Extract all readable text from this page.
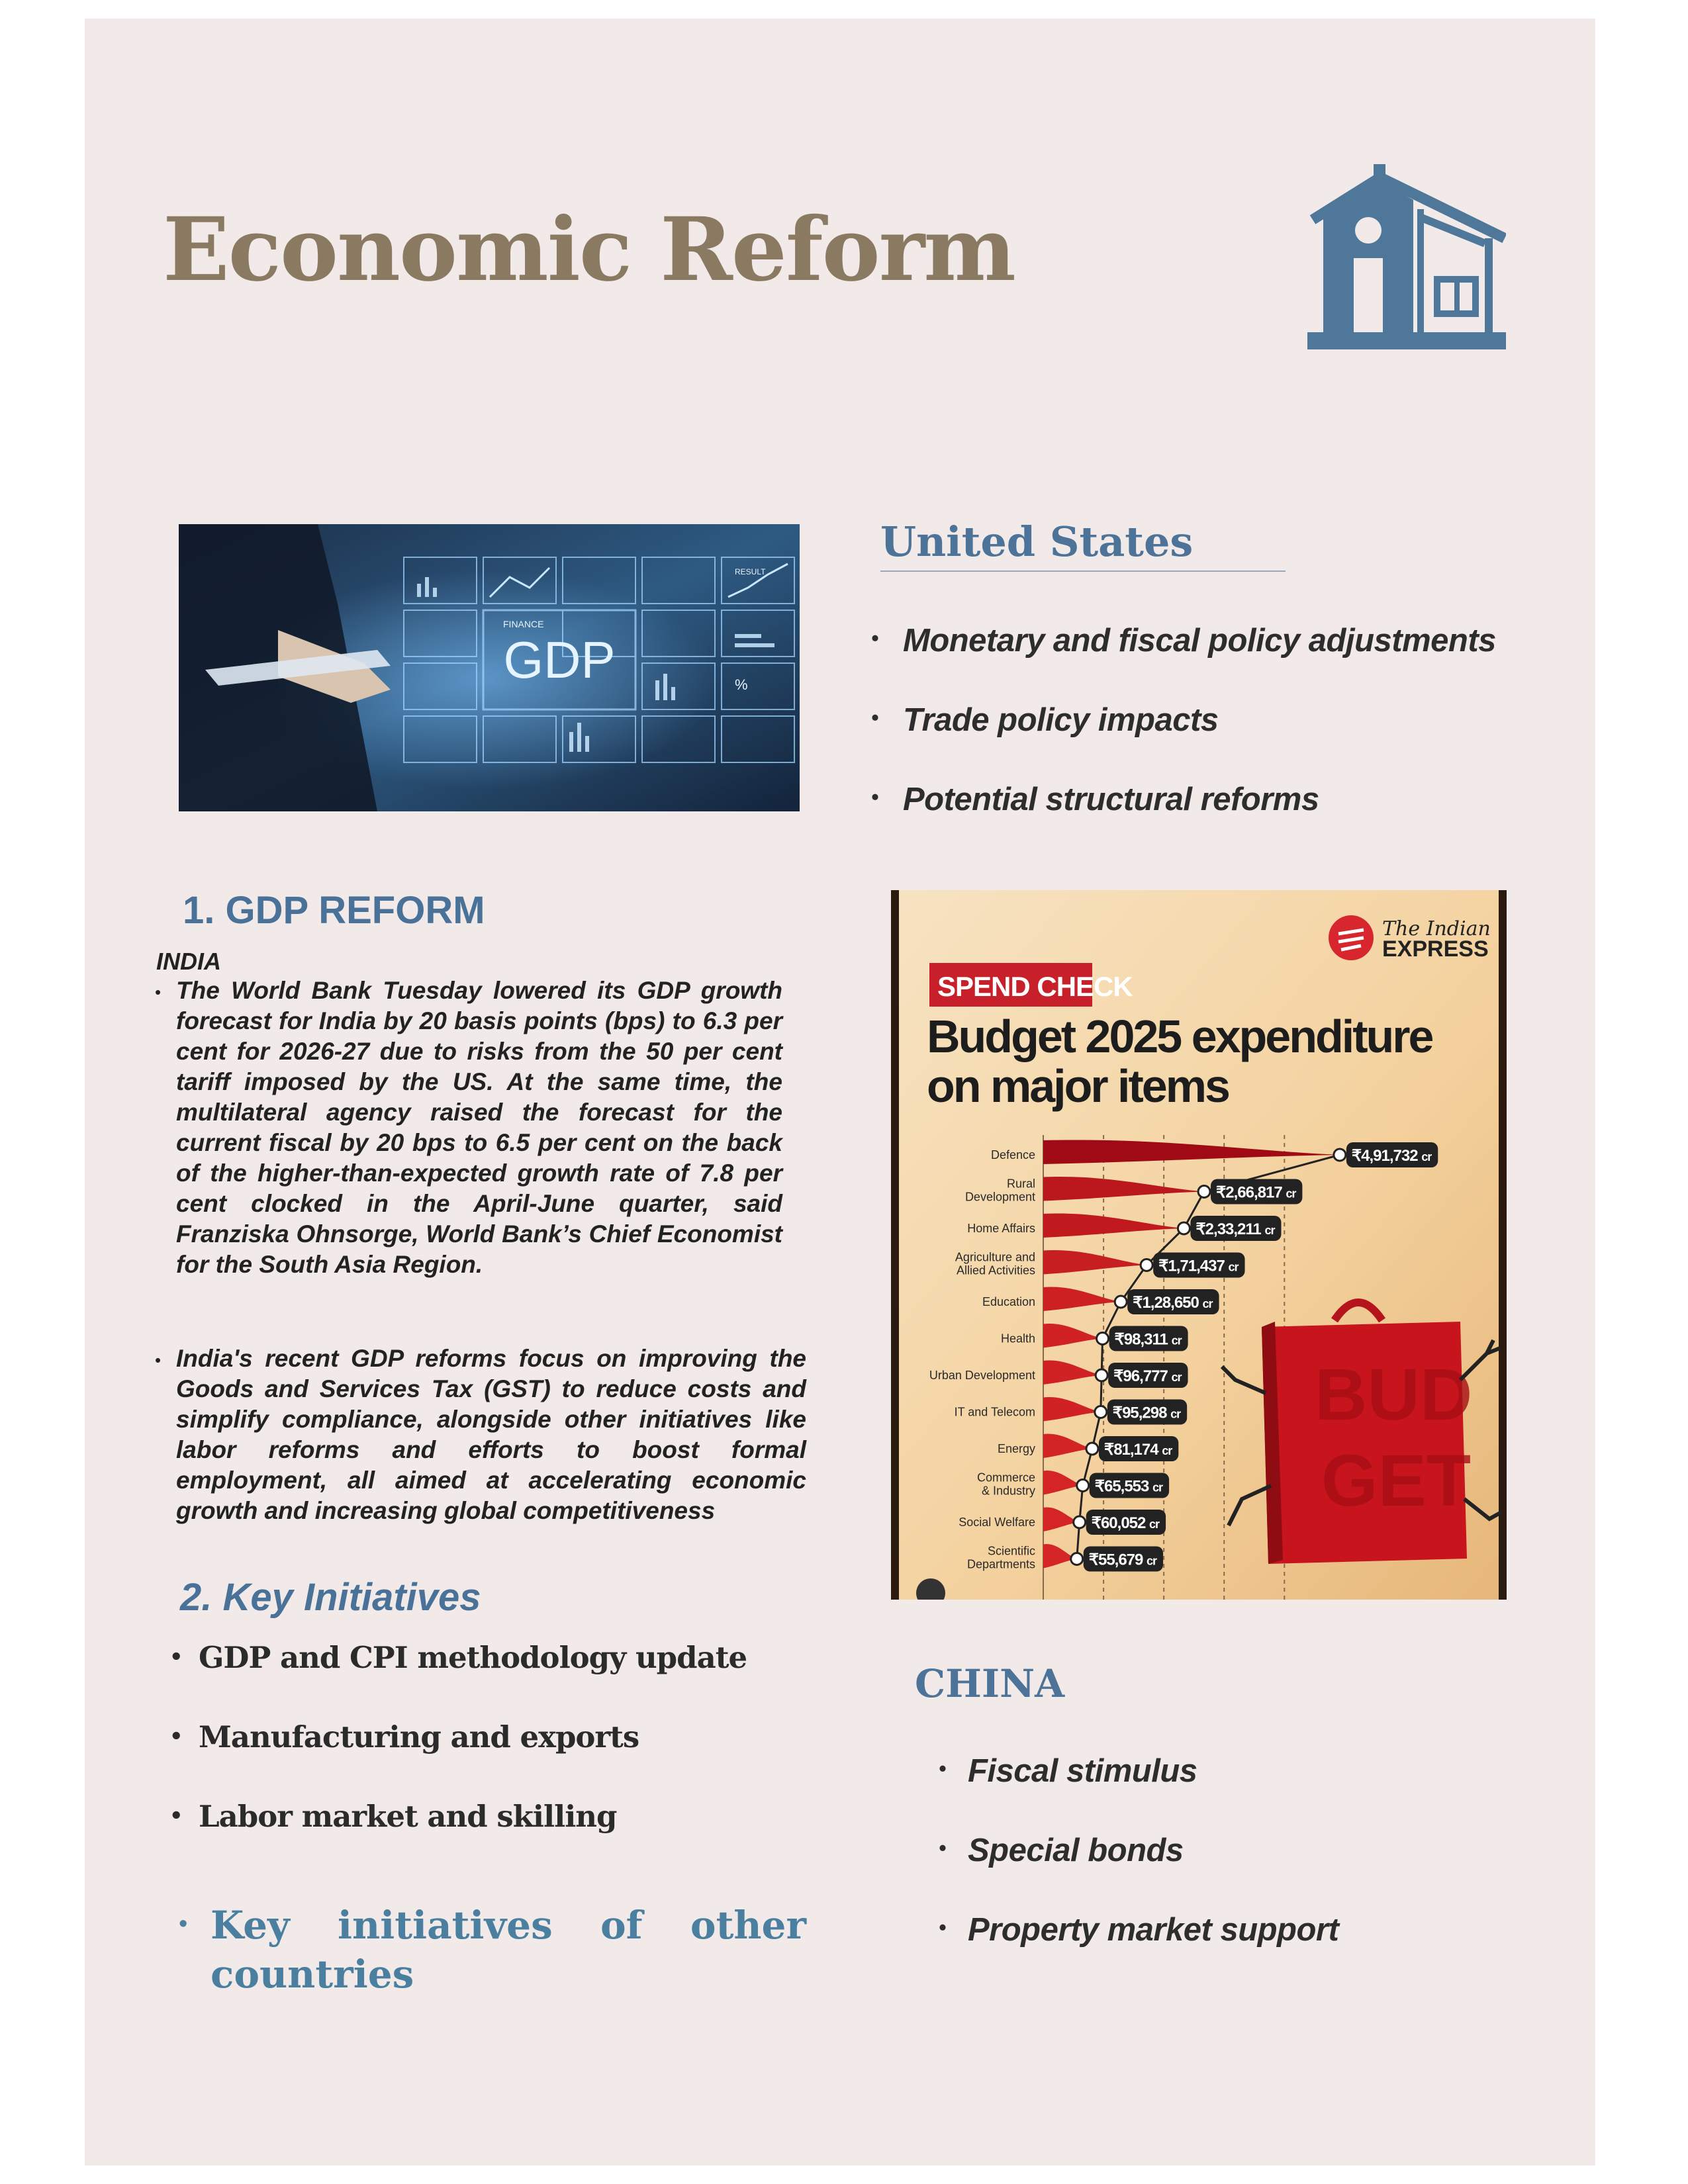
Economic Reform
GDP
FINANCE
RESULT
%
United States
• Monetary and fiscal policy adjustments
• Trade policy impacts
• Potential structural reforms
The Indian
EXPRESS
SPEND CHECK
Budget 2025 expenditure
on major items
₹4,91,732 cr
Defence
₹2,66,817 cr
Rural
Development
₹2,33,211 cr
Home Affairs
₹1,71,437 cr
Agriculture and
Allied Activities
₹1,28,650 cr
Education
₹98,311 cr
Health
₹96,777 cr
Urban Development
₹95,298 cr
IT and Telecom
₹81,174 cr
Energy
₹65,553 cr
Commerce
& Industry
₹60,052 cr
Social Welfare
₹55,679 cr
Scientific
Departments
BUD
GET
1. GDP REFORM

INDIA

• The World Bank Tuesday lowered its GDP growth forecast for India by 20 basis points (bps) to 6.3 per cent for 2026-27 due to risks from the 50 per cent tariff imposed by the US. At the same time, the multilateral agency raised the forecast for the current fiscal by 20 bps to 6.5 per cent on the back of the higher-than-expected growth rate of 7.8 per cent clocked in the April-June quarter, said Franziska Ohnsorge, World Bank’s Chief Economist for the South Asia Region.

• India's recent GDP reforms focus on improving the Goods and Services Tax (GST) to reduce costs and simplify compliance, alongside other initiatives like labor reforms and efforts to boost formal employment, all aimed at accelerating economic growth and increasing global competitiveness

2. Key Initiatives
• GDP and CPI methodology update
• Manufacturing and exports
• Labor market and skilling
• Key initiatives of other countries

CHINA
• Fiscal stimulus
• Special bonds
• Property market support
